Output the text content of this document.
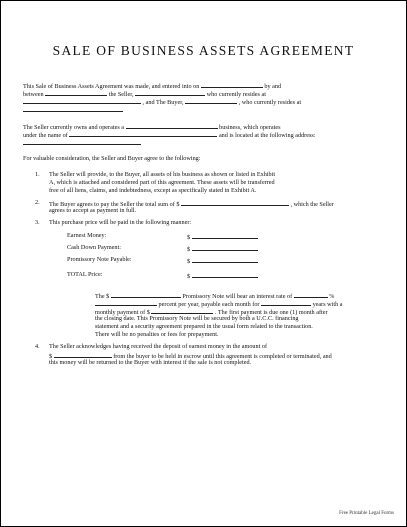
SALE OF BUSINESS ASSETS AGREEMENT
This Sale of Business Assets Agreement was made, and entered into on	by and
between	the Seller,	who currently resides at
, and The Buyer,	, who currently resides at
The Seller currently owns and operates a	business, which operates
under the name of	and is located at the following address:
For valuable consideration, the Seller and Buyer agree to the following:
1. The Seller will provide, to the Buyer, all assets of his business as shown or listed in Exhibit
A, which is attached and considered part of this agreement. These assets will be transferred
free of all liens, claims, and indebtedness, except as specifically stated in Exhibit A.
2. The Buyer agrees to pay the Seller the total sum of $	, which the Seller
agrees to accept as payment in full.
3. This purchase price will be paid in the following manner:
Earnest Money:	$
Cash Down Payment:	$
Promissory Note Payable:	$
TOTAL Price:	$
The $	Promissory Note will bear an interest rate of	%
percent per year, payable each month for	years with a
monthly payment of $	. The first payment is due one (1) month after
the closing date. This Promissory Note will be secured by both a U.C.C. financing
statement and a security agreement prepared in the usual form related to the transaction.
There will be no penalties or fees for prepayment.
4. The Seller acknowledges having received the deposit of earnest money in the amount of
$	from the buyer to be held in escrow until this agreement is completed or terminated, and
this money will be returned to the Buyer with interest if the sale is not completed.
Free Printable Legal Forms
